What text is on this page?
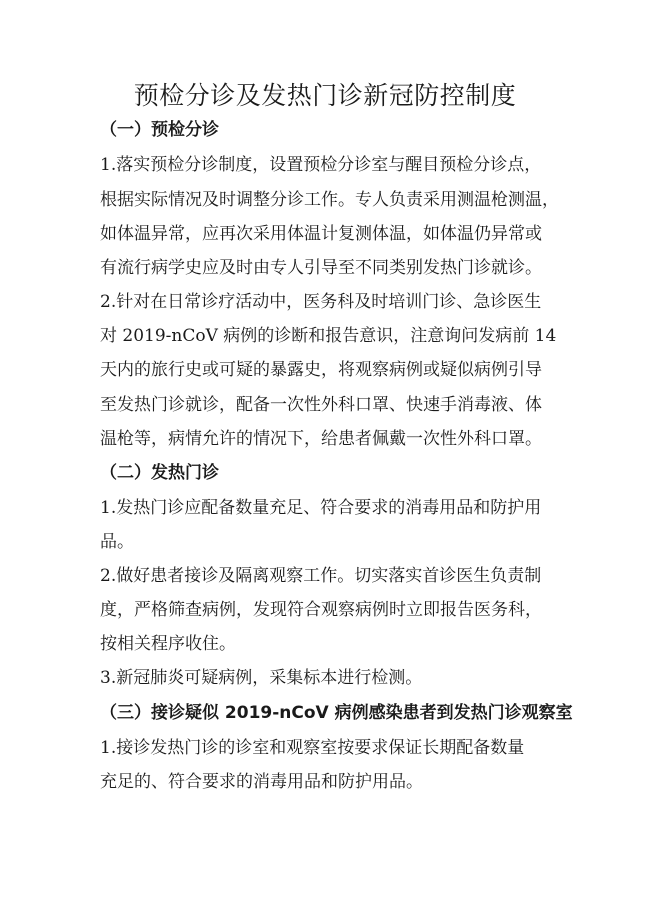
预检分诊及发热门诊新冠防控制度
（一）预检分诊
1.落实预检分诊制度，设置预检分诊室与醒目预检分诊点，
根据实际情况及时调整分诊工作。专人负责采用测温枪测温，
如体温异常，应再次采用体温计复测体温，如体温仍异常或
有流行病学史应及时由专人引导至不同类别发热门诊就诊。
2.针对在日常诊疗活动中，医务科及时培训门诊、急诊医生
对 2019-nCoV 病例的诊断和报告意识，注意询问发病前 14
天内的旅行史或可疑的暴露史，将观察病例或疑似病例引导
至发热门诊就诊，配备一次性外科口罩、快速手消毒液、体
温枪等，病情允许的情况下，给患者佩戴一次性外科口罩。
（二）发热门诊
1.发热门诊应配备数量充足、符合要求的消毒用品和防护用
品。
2.做好患者接诊及隔离观察工作。切实落实首诊医生负责制
度，严格筛查病例，发现符合观察病例时立即报告医务科，
按相关程序收住。
3.新冠肺炎可疑病例，采集标本进行检测。
（三）接诊疑似 2019-nCoV 病例感染患者到发热门诊观察室
1.接诊发热门诊的诊室和观察室按要求保证长期配备数量
充足的、符合要求的消毒用品和防护用品。
